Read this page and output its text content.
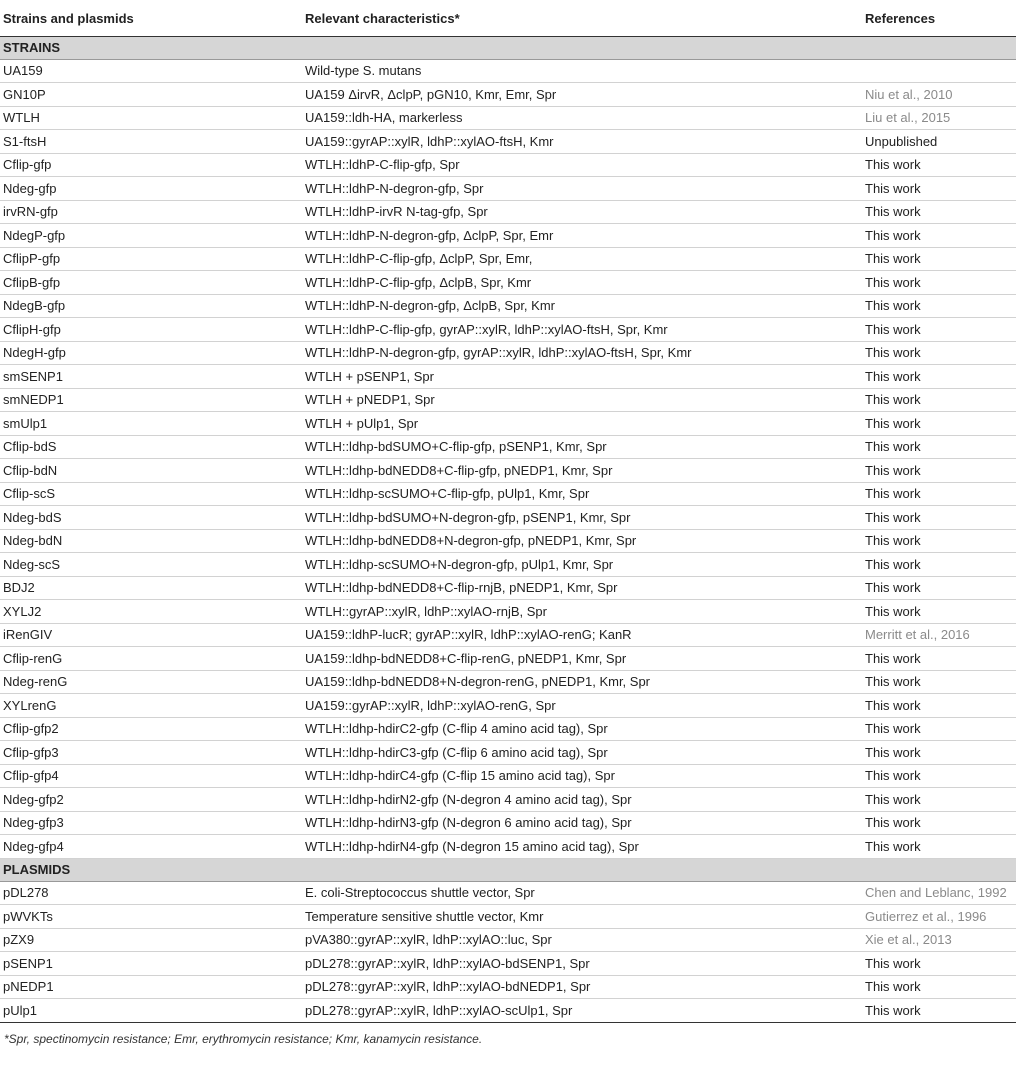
Strains and plasmids	Relevant characteristics*	References
STRAINS		
UA159	Wild-type S. mutans	
GN10P	UA159 ΔirvR, ΔclpP, pGN10, Kmr, Emr, Spr	Niu et al., 2010
WTLH	UA159::ldh-HA, markerless	Liu et al., 2015
S1-ftsH	UA159::gyrAP::xylR, ldhP::xylAO-ftsH, Kmr	Unpublished
Cflip-gfp	WTLH::ldhP-C-flip-gfp, Spr	This work
Ndeg-gfp	WTLH::ldhP-N-degron-gfp, Spr	This work
irvRN-gfp	WTLH::ldhP-irvR N-tag-gfp, Spr	This work
NdegP-gfp	WTLH::ldhP-N-degron-gfp, ΔclpP, Spr, Emr	This work
CflipP-gfp	WTLH::ldhP-C-flip-gfp, ΔclpP, Spr, Emr,	This work
CflipB-gfp	WTLH::ldhP-C-flip-gfp, ΔclpB, Spr, Kmr	This work
NdegB-gfp	WTLH::ldhP-N-degron-gfp, ΔclpB, Spr, Kmr	This work
CflipH-gfp	WTLH::ldhP-C-flip-gfp, gyrAP::xylR, ldhP::xylAO-ftsH, Spr, Kmr	This work
NdegH-gfp	WTLH::ldhP-N-degron-gfp, gyrAP::xylR, ldhP::xylAO-ftsH, Spr, Kmr	This work
smSENP1	WTLH + pSENP1, Spr	This work
smNEDP1	WTLH + pNEDP1, Spr	This work
smUlp1	WTLH + pUlp1, Spr	This work
Cflip-bdS	WTLH::ldhp-bdSUMO+C-flip-gfp, pSENP1, Kmr, Spr	This work
Cflip-bdN	WTLH::ldhp-bdNEDD8+C-flip-gfp, pNEDP1, Kmr, Spr	This work
Cflip-scS	WTLH::ldhp-scSUMO+C-flip-gfp, pUlp1, Kmr, Spr	This work
Ndeg-bdS	WTLH::ldhp-bdSUMO+N-degron-gfp, pSENP1, Kmr, Spr	This work
Ndeg-bdN	WTLH::ldhp-bdNEDD8+N-degron-gfp, pNEDP1, Kmr, Spr	This work
Ndeg-scS	WTLH::ldhp-scSUMO+N-degron-gfp, pUlp1, Kmr, Spr	This work
BDJ2	WTLH::ldhp-bdNEDD8+C-flip-rnjB, pNEDP1, Kmr, Spr	This work
XYLJ2	WTLH::gyrAP::xylR, ldhP::xylAO-rnjB, Spr	This work
iRenGIV	UA159::ldhP-lucR; gyrAP::xylR, ldhP::xylAO-renG; KanR	Merritt et al., 2016
Cflip-renG	UA159::ldhp-bdNEDD8+C-flip-renG, pNEDP1, Kmr, Spr	This work
Ndeg-renG	UA159::ldhp-bdNEDD8+N-degron-renG, pNEDP1, Kmr, Spr	This work
XYLrenG	UA159::gyrAP::xylR, ldhP::xylAO-renG, Spr	This work
Cflip-gfp2	WTLH::ldhp-hdirC2-gfp (C-flip 4 amino acid tag), Spr	This work
Cflip-gfp3	WTLH::ldhp-hdirC3-gfp (C-flip 6 amino acid tag), Spr	This work
Cflip-gfp4	WTLH::ldhp-hdirC4-gfp (C-flip 15 amino acid tag), Spr	This work
Ndeg-gfp2	WTLH::ldhp-hdirN2-gfp (N-degron 4 amino acid tag), Spr	This work
Ndeg-gfp3	WTLH::ldhp-hdirN3-gfp (N-degron 6 amino acid tag), Spr	This work
Ndeg-gfp4	WTLH::ldhp-hdirN4-gfp (N-degron 15 amino acid tag), Spr	This work
PLASMIDS		
pDL278	E. coli-Streptococcus shuttle vector, Spr	Chen and Leblanc, 1992
pWVKTs	Temperature sensitive shuttle vector, Kmr	Gutierrez et al., 1996
pZX9	pVA380::gyrAP::xylR, ldhP::xylAO::luc, Spr	Xie et al., 2013
pSENP1	pDL278::gyrAP::xylR, ldhP::xylAO-bdSENP1, Spr	This work
pNEDP1	pDL278::gyrAP::xylR, ldhP::xylAO-bdNEDP1, Spr	This work
pUlp1	pDL278::gyrAP::xylR, ldhP::xylAO-scUlp1, Spr	This work
*Spr, spectinomycin resistance; Emr, erythromycin resistance; Kmr, kanamycin resistance.
